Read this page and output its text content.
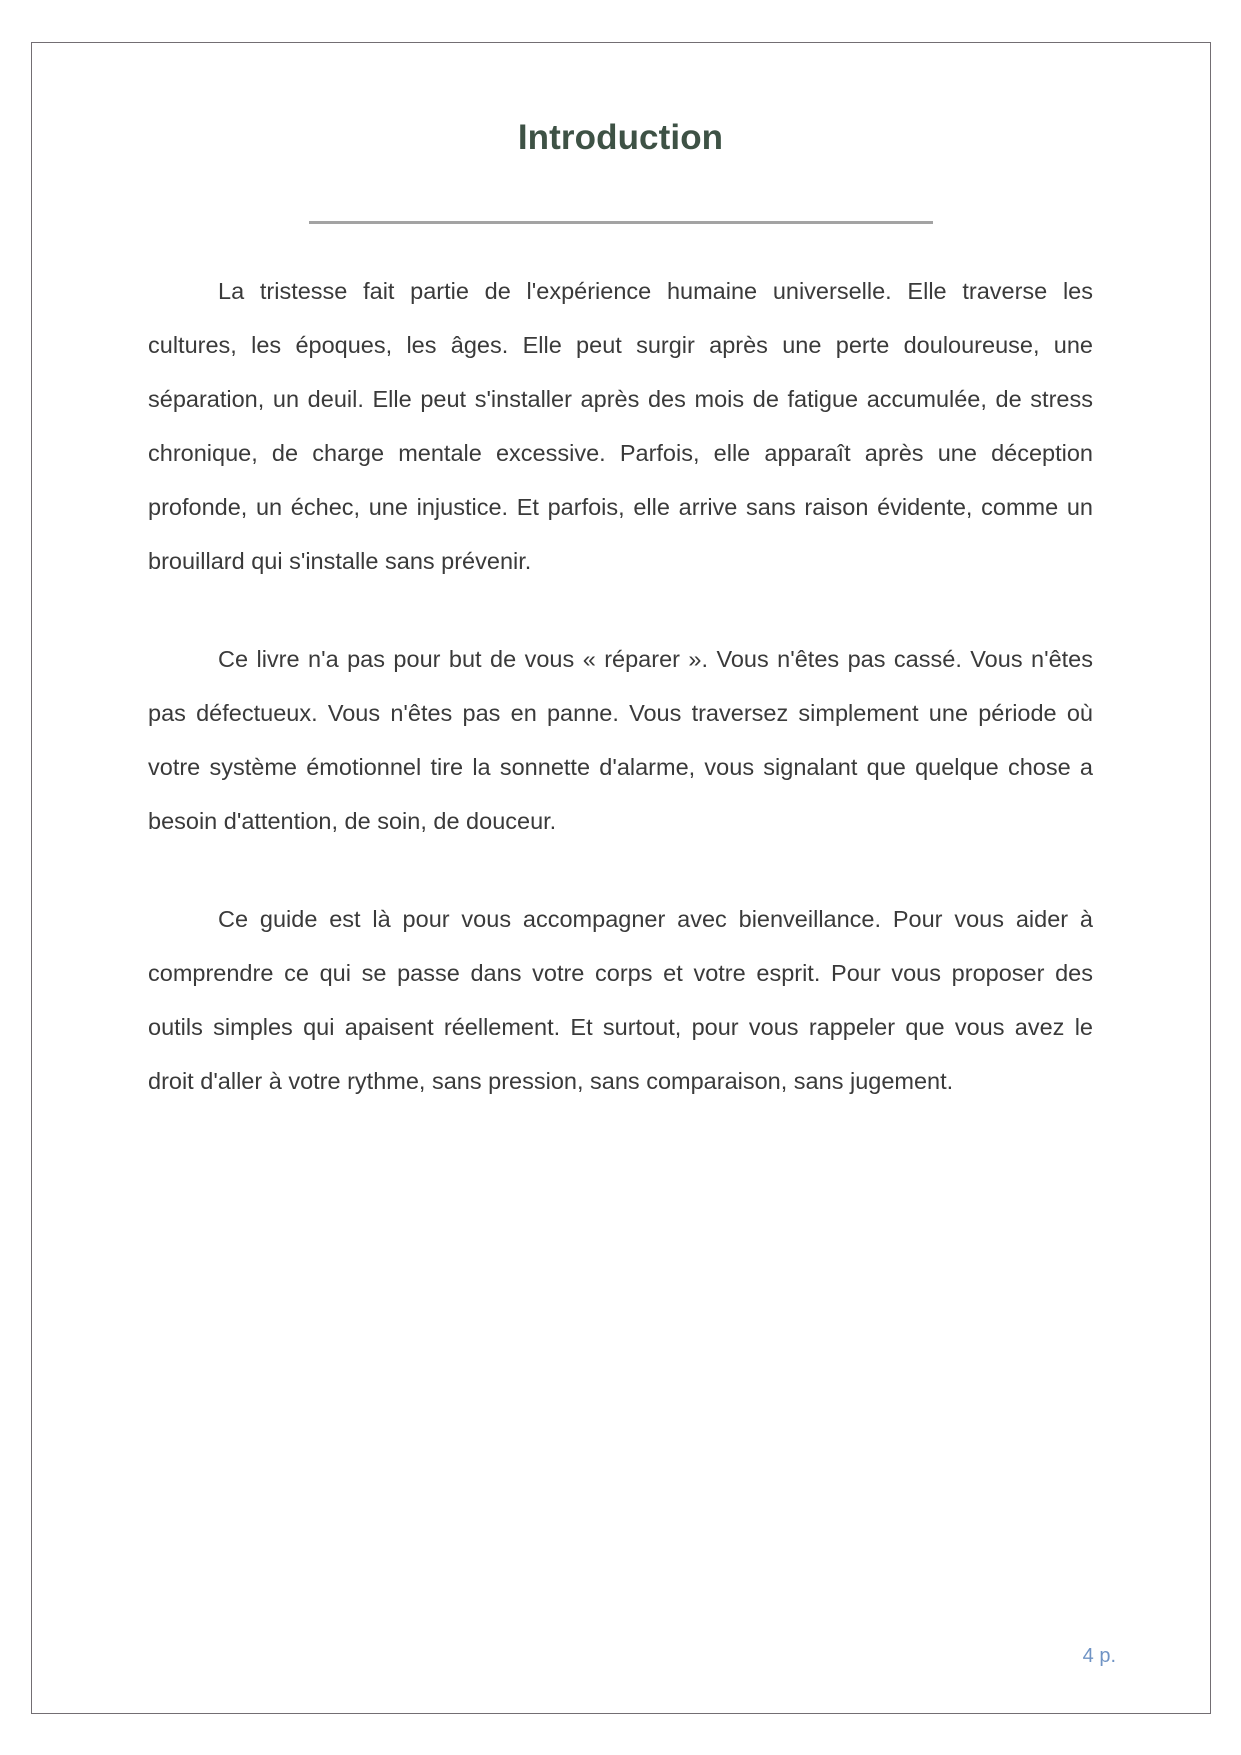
Introduction

La tristesse fait partie de l'expérience humaine universelle. Elle traverse les cultures, les époques, les âges. Elle peut surgir après une perte douloureuse, une séparation, un deuil. Elle peut s'installer après des mois de fatigue accumulée, de stress chronique, de charge mentale excessive. Parfois, elle apparaît après une déception profonde, un échec, une injustice. Et parfois, elle arrive sans raison évidente, comme un brouillard qui s'installe sans prévenir.

Ce livre n'a pas pour but de vous « réparer ». Vous n'êtes pas cassé. Vous n'êtes pas défectueux. Vous n'êtes pas en panne. Vous traversez simplement une période où votre système émotionnel tire la sonnette d'alarme, vous signalant que quelque chose a besoin d'attention, de soin, de douceur.

Ce guide est là pour vous accompagner avec bienveillance. Pour vous aider à comprendre ce qui se passe dans votre corps et votre esprit. Pour vous proposer des outils simples qui apaisent réellement. Et surtout, pour vous rappeler que vous avez le droit d'aller à votre rythme, sans pression, sans comparaison, sans jugement.

4 p.
